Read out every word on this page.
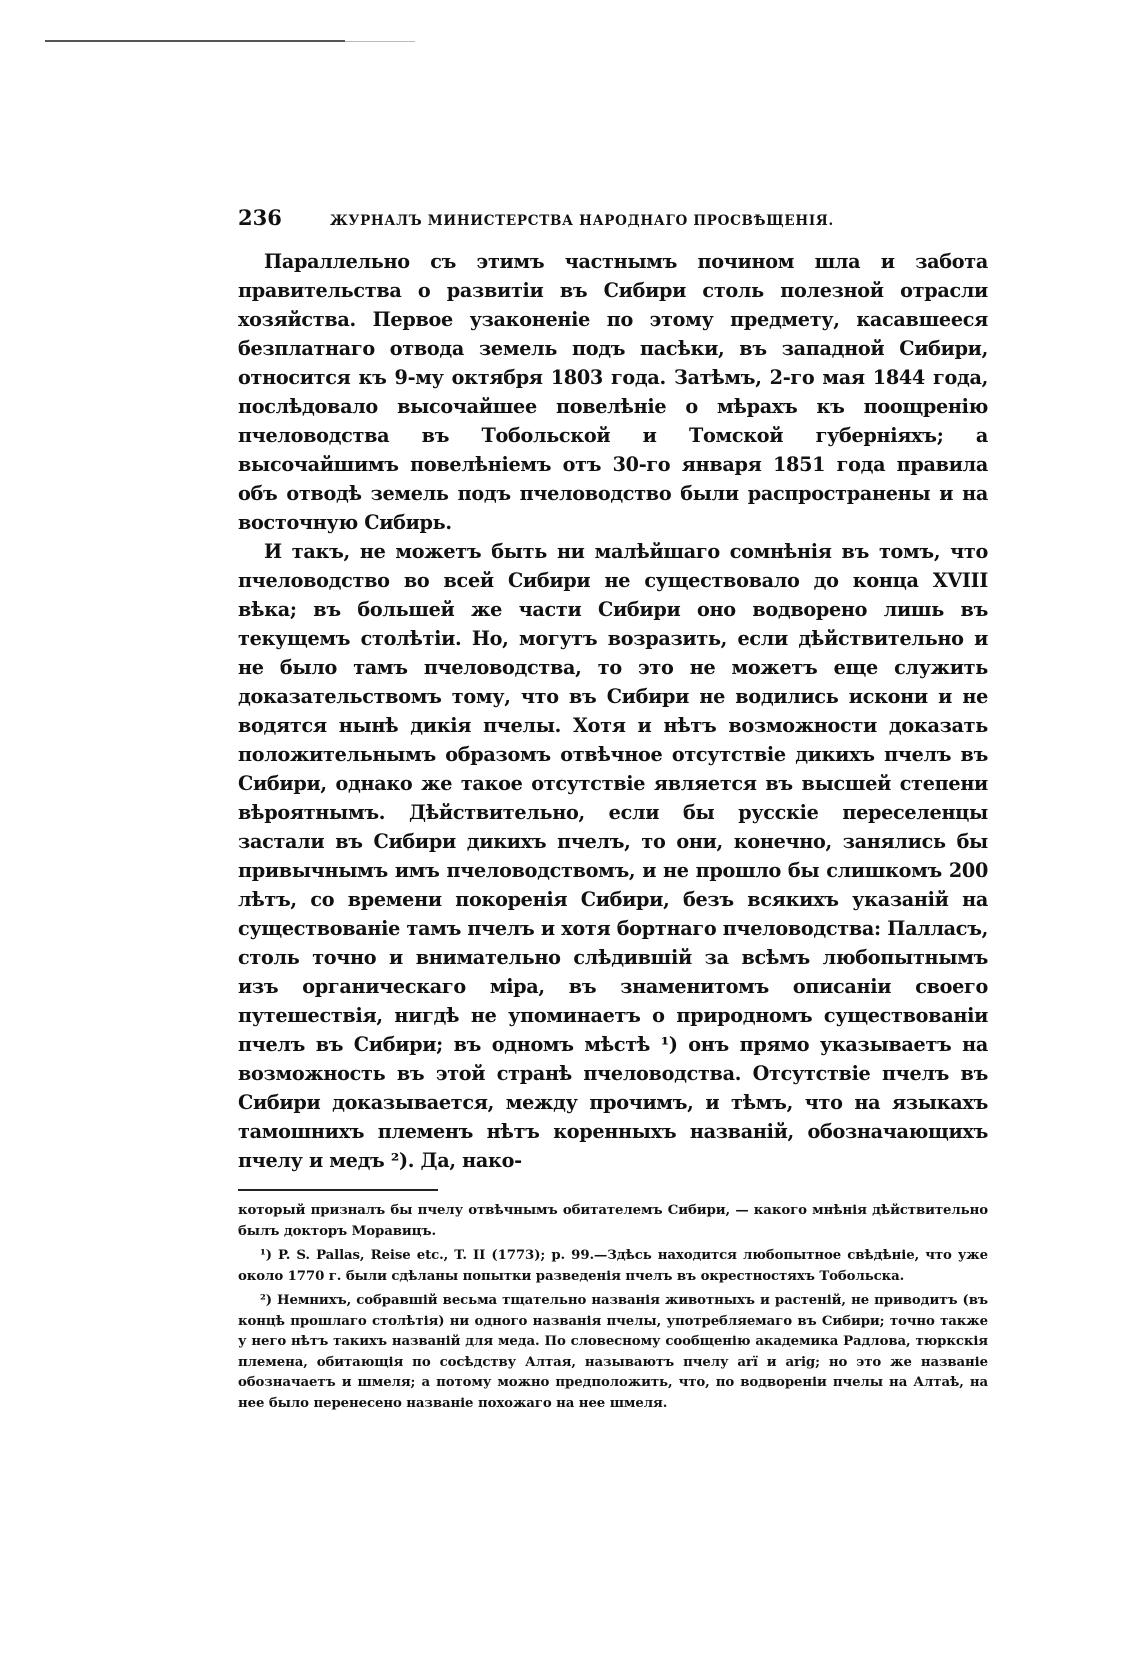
236	ЖУРНАЛЪ МИНИСТЕРСТВА НАРОДНАГО ПРОСВѢЩЕНІЯ.

Параллельно съ этимъ частнымъ почином шла и забота правительства о развитіи въ Сибири столь полезной отрасли хозяйства. Первое узаконеніе по этому предмету, касавшееся безплатнаго отвода земель подъ пасѣки, въ западной Сибири, относится къ 9-му октября 1803 года. Затѣмъ, 2-го мая 1844 года, послѣдовало высочайшее повелѣніе о мѣрахъ къ поощренію пчеловодства въ Тобольской и Томской губерніяхъ; а высочайшимъ повелѣніемъ отъ 30-го января 1851 года правила объ отводѣ земель подъ пчеловодство были распространены и на восточную Сибирь.

И такъ, не можетъ быть ни малѣйшаго сомнѣнія въ томъ, что пчеловодство во всей Сибири не существовало до конца XVIII вѣка; въ большей же части Сибири оно водворено лишь въ текущемъ столѣтіи. Но, могутъ возразить, если дѣйствительно и не было тамъ пчеловодства, то это не можетъ еще служить доказательствомъ тому, что въ Сибири не водились искони и не водятся нынѣ дикія пчелы. Хотя и нѣтъ возможности доказать положительнымъ образомъ отвѣчное отсутствіе дикихъ пчелъ въ Сибири, однако же такое отсутствіе является въ высшей степени вѣроятнымъ. Дѣйствительно, если бы русскіе переселенцы застали въ Сибири дикихъ пчелъ, то они, конечно, занялись бы привычнымъ имъ пчеловодствомъ, и не прошло бы слишкомъ 200 лѣтъ, со времени покоренія Сибири, безъ всякихъ указаній на существованіе тамъ пчелъ и хотя бортнаго пчеловодства: Палласъ, столь точно и внимательно слѣдившій за всѣмъ любопытнымъ изъ органическаго міра, въ знаменитомъ описаніи своего путешествія, нигдѣ не упоминаетъ о природномъ существованіи пчелъ въ Сибири; въ одномъ мѣстѣ ¹) онъ прямо указываетъ на возможность въ этой странѣ пчеловодства. Отсутствіе пчелъ въ Сибири доказывается, между прочимъ, и тѣмъ, что на языкахъ тамошнихъ племенъ нѣтъ коренныхъ названій, обозначающихъ пчелу и медъ ²). Да, нако-

который призналъ бы пчелу отвѣчнымъ обитателемъ Сибири, — какого мнѣнія дѣйствительно былъ докторъ Моравицъ.

¹) P. S. Pallas, Reise etc., T. II (1773); p. 99.—Здѣсь находится любопытное свѣдѣніе, что уже около 1770 г. были сдѣланы попытки разведенія пчелъ въ окрестностяхъ Тобольска.

²) Немнихъ, собравшій весьма тщательно названія животныхъ и растеній, не приводитъ (въ концѣ прошлаго столѣтія) ни одного названія пчелы, употребляемаго въ Сибири; точно также у него нѣтъ такихъ названій для меда. По словесному сообщенію академика Радлова, тюркскія племена, обитающія по сосѣдству Алтая, называютъ пчелу arï и arig; но это же названіе обозначаетъ и шмеля; а потому можно предположить, что, по водвореніи пчелы на Алтаѣ, на нее было перенесено названіе похожаго на нее шмеля.
